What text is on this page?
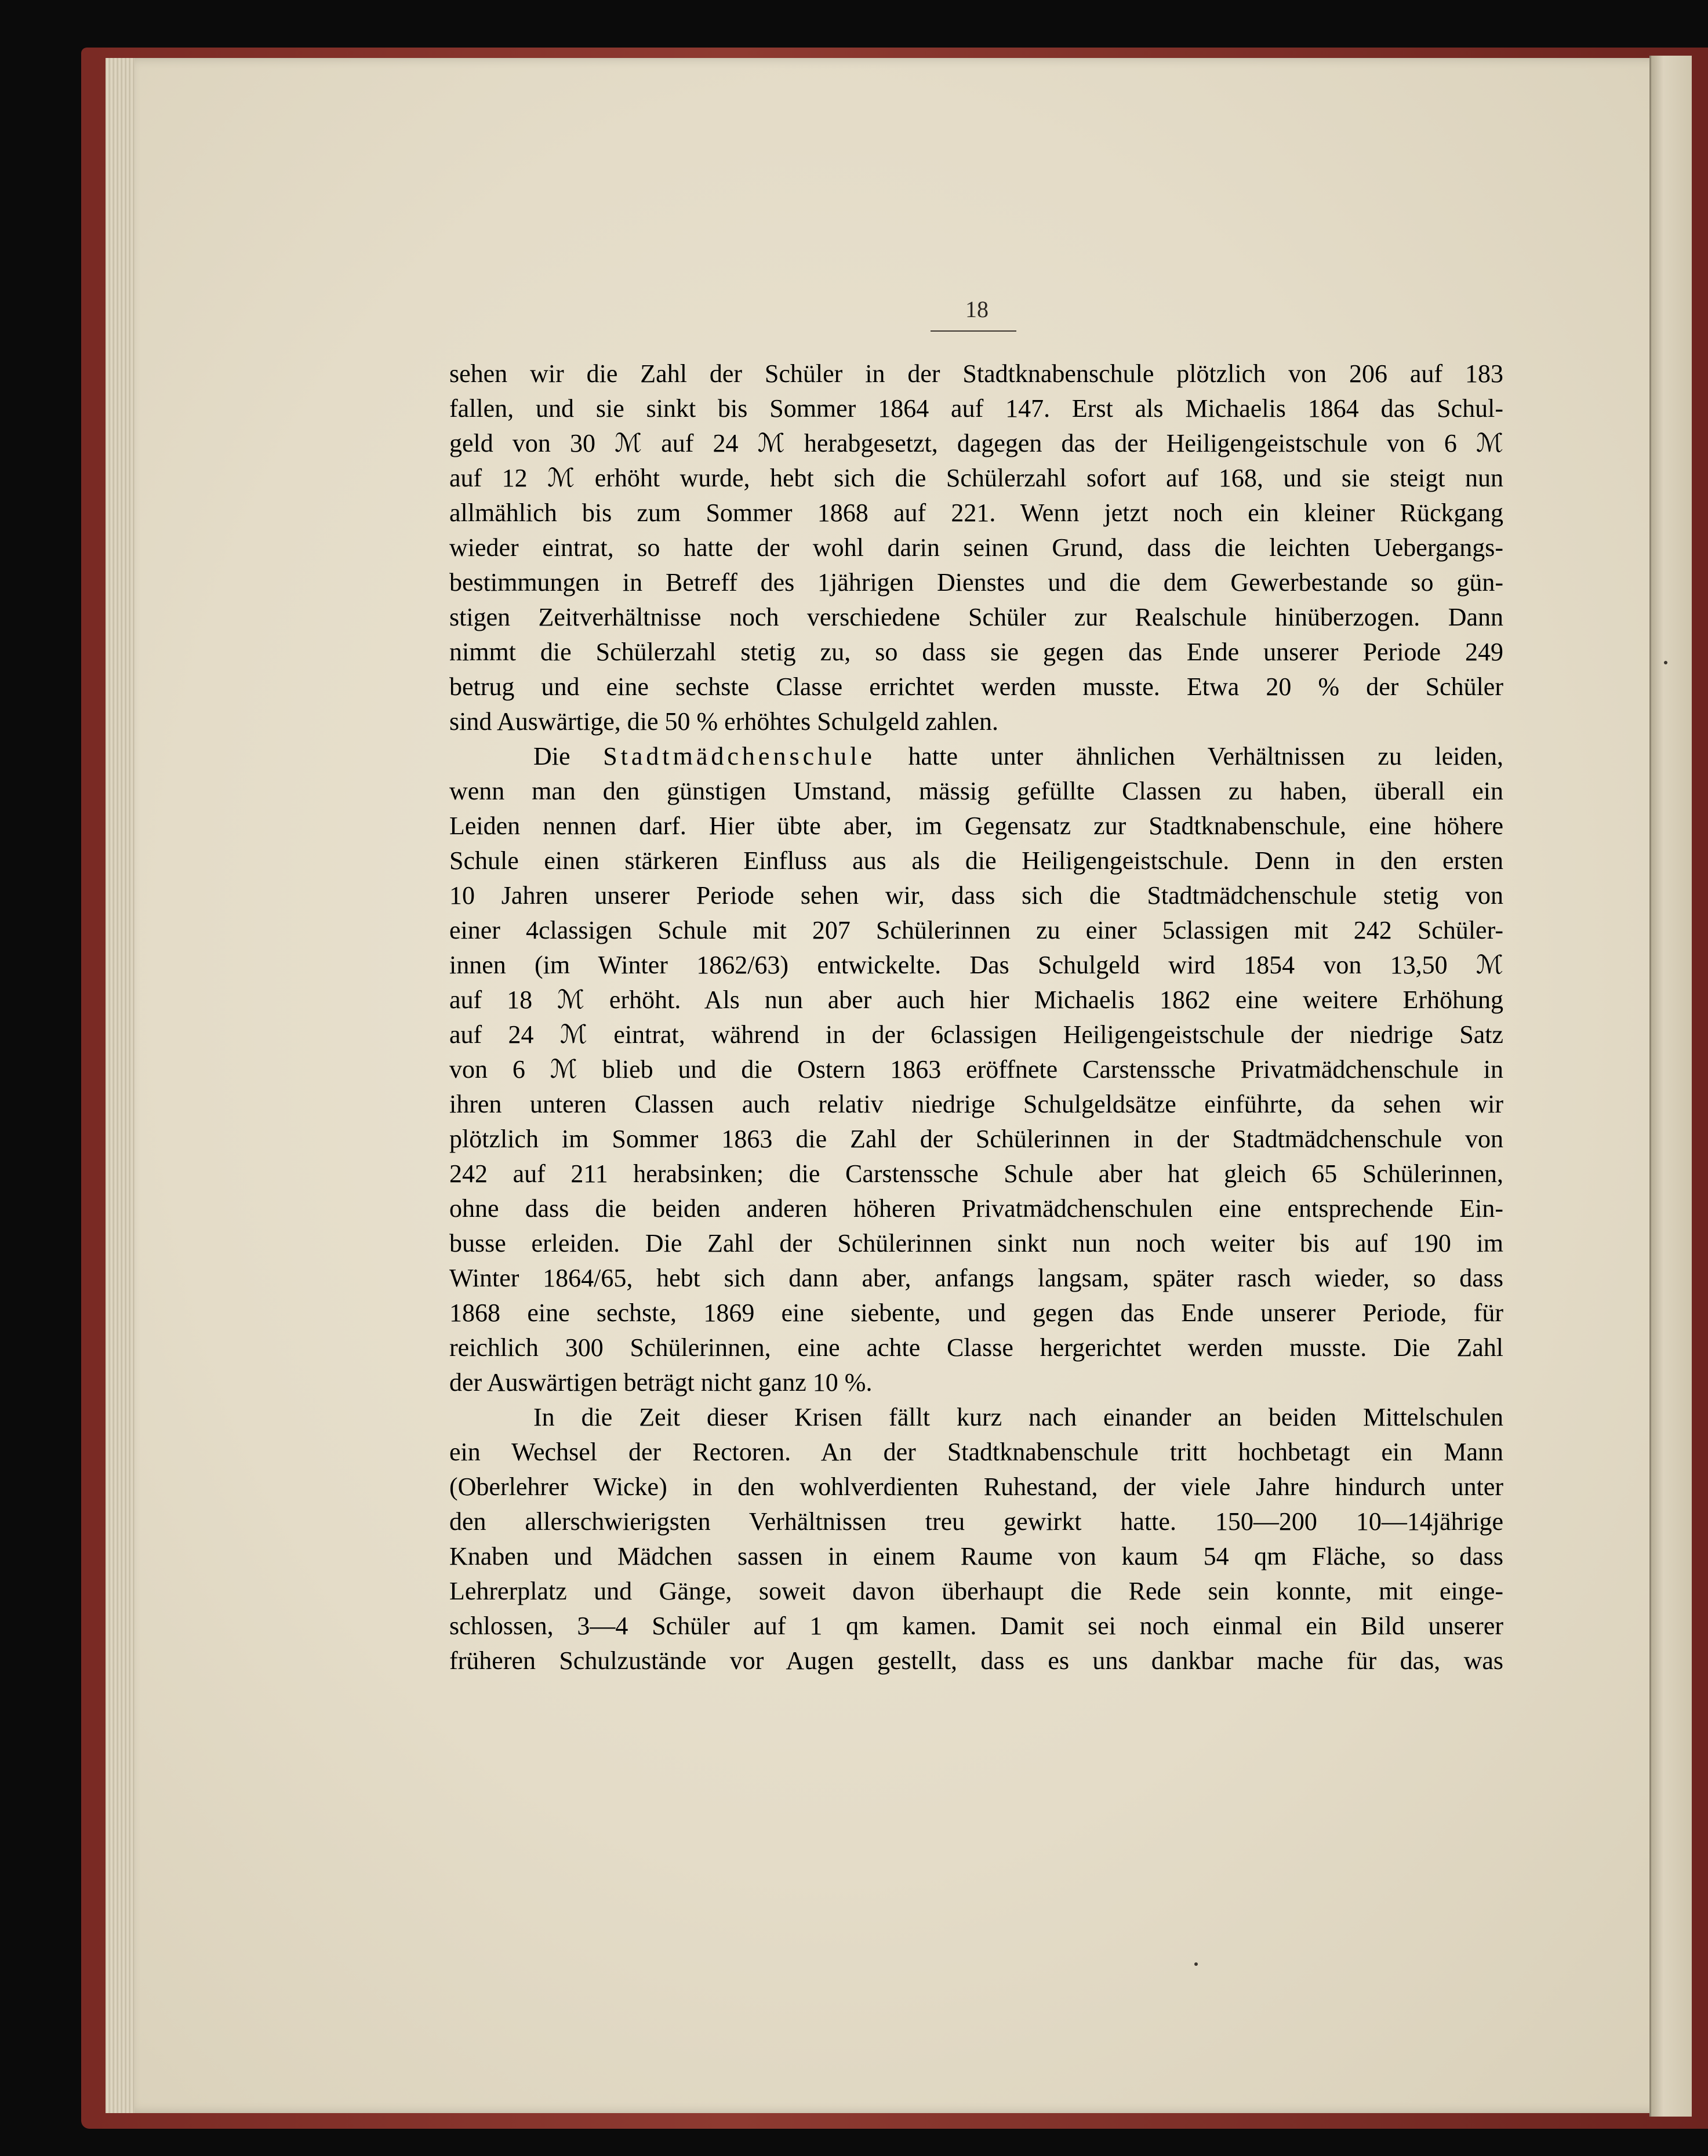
18
sehen wir die Zahl der Schüler in der Stadtknabenschule plötzlich von 206 auf 183
fallen, und sie sinkt bis Sommer 1864 auf 147. Erst als Michaelis 1864 das Schul-
geld von 30 ℳ auf 24 ℳ herabgesetzt, dagegen das der Heiligengeistschule von 6 ℳ
auf 12 ℳ erhöht wurde, hebt sich die Schülerzahl sofort auf 168, und sie steigt nun
allmählich bis zum Sommer 1868 auf 221. Wenn jetzt noch ein kleiner Rückgang
wieder eintrat, so hatte der wohl darin seinen Grund, dass die leichten Uebergangs-
bestimmungen in Betreff des 1jährigen Dienstes und die dem Gewerbestande so gün-
stigen Zeitverhältnisse noch verschiedene Schüler zur Realschule hinüberzogen. Dann
nimmt die Schülerzahl stetig zu, so dass sie gegen das Ende unserer Periode 249
betrug und eine sechste Classe errichtet werden musste. Etwa 20 % der Schüler
sind Auswärtige, die 50 % erhöhtes Schulgeld zahlen.
Die Stadtmädchenschule hatte unter ähnlichen Verhältnissen zu leiden,
wenn man den günstigen Umstand, mässig gefüllte Classen zu haben, überall ein
Leiden nennen darf. Hier übte aber, im Gegensatz zur Stadtknabenschule, eine höhere
Schule einen stärkeren Einfluss aus als die Heiligengeistschule. Denn in den ersten
10 Jahren unserer Periode sehen wir, dass sich die Stadtmädchenschule stetig von
einer 4classigen Schule mit 207 Schülerinnen zu einer 5classigen mit 242 Schüler-
innen (im Winter 1862/63) entwickelte. Das Schulgeld wird 1854 von 13,50 ℳ
auf 18 ℳ erhöht. Als nun aber auch hier Michaelis 1862 eine weitere Erhöhung
auf 24 ℳ eintrat, während in der 6classigen Heiligengeistschule der niedrige Satz
von 6 ℳ blieb und die Ostern 1863 eröffnete Carstenssche Privatmädchenschule in
ihren unteren Classen auch relativ niedrige Schulgeldsätze einführte, da sehen wir
plötzlich im Sommer 1863 die Zahl der Schülerinnen in der Stadtmädchenschule von
242 auf 211 herabsinken; die Carstenssche Schule aber hat gleich 65 Schülerinnen,
ohne dass die beiden anderen höheren Privatmädchenschulen eine entsprechende Ein-
busse erleiden. Die Zahl der Schülerinnen sinkt nun noch weiter bis auf 190 im
Winter 1864/65, hebt sich dann aber, anfangs langsam, später rasch wieder, so dass
1868 eine sechste, 1869 eine siebente, und gegen das Ende unserer Periode, für
reichlich 300 Schülerinnen, eine achte Classe hergerichtet werden musste. Die Zahl
der Auswärtigen beträgt nicht ganz 10 %.
In die Zeit dieser Krisen fällt kurz nach einander an beiden Mittelschulen
ein Wechsel der Rectoren. An der Stadtknabenschule tritt hochbetagt ein Mann
(Oberlehrer Wicke) in den wohlverdienten Ruhestand, der viele Jahre hindurch unter
den allerschwierigsten Verhältnissen treu gewirkt hatte. 150—200 10—14jährige
Knaben und Mädchen sassen in einem Raume von kaum 54 qm Fläche, so dass
Lehrerplatz und Gänge, soweit davon überhaupt die Rede sein konnte, mit einge-
schlossen, 3—4 Schüler auf 1 qm kamen. Damit sei noch einmal ein Bild unserer
früheren Schulzustände vor Augen gestellt, dass es uns dankbar mache für das, was
